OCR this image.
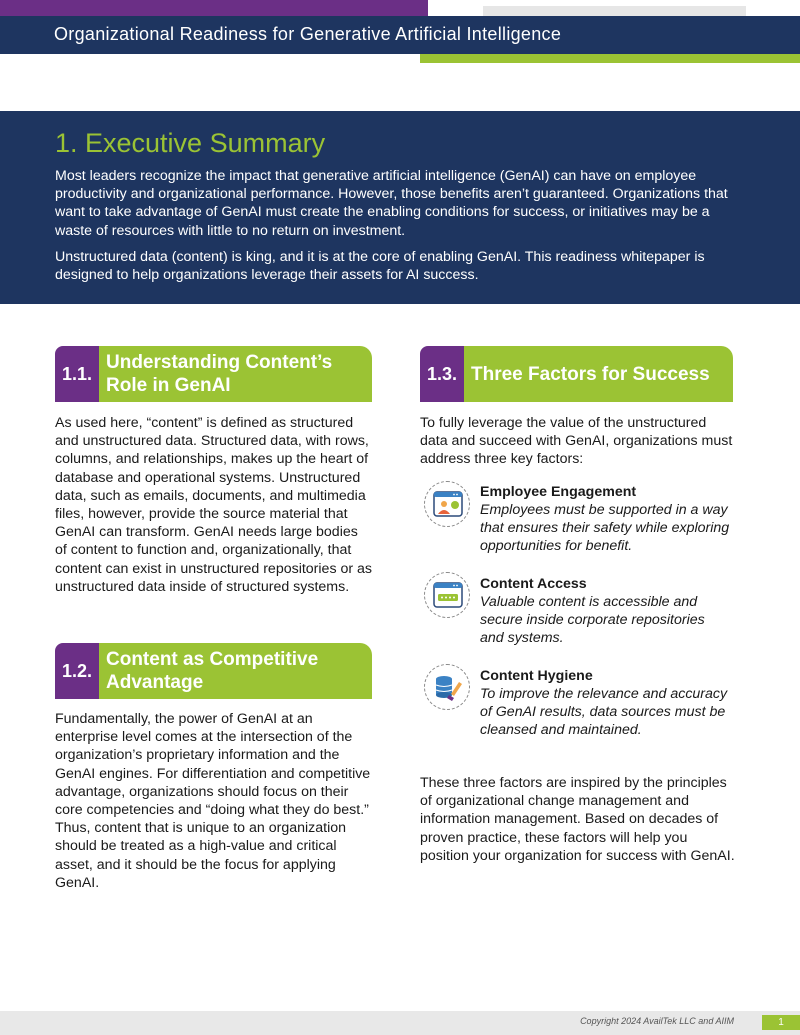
Organizational Readiness for Generative Artificial Intelligence
1. Executive Summary

Most leaders recognize the impact that generative artificial intelligence (GenAI) can have on employee productivity and organizational performance. However, those benefits aren’t guaranteed. Organizations that want to take advantage of GenAI must create the enabling conditions for success, or initiatives may be a waste of resources with little to no return on investment.

Unstructured data (content) is king, and it is at the core of enabling GenAI. This readiness whitepaper is designed to help organizations leverage their assets for AI success.

1.1.
Understanding Content’s Role in GenAI

As used here, “content” is defined as structured and unstructured data. Structured data, with rows, columns, and relationships, makes up the heart of database and operational systems. Unstructured data, such as emails, documents, and multimedia files, however, provide the source material that GenAI can transform. GenAI needs large bodies of content to function and, organizationally, that content can exist in unstructured repositories or as unstructured data inside of structured systems.

1.2.
Content as Competitive Advantage

Fundamentally, the power of GenAI at an enterprise level comes at the intersection of the organization’s proprietary information and the GenAI engines. For differentiation and competitive advantage, organizations should focus on their core competencies and “doing what they do best.” Thus, content that is unique to an organization should be treated as a high-value and critical asset, and it should be the focus for applying GenAI.

1.3. Three Factors for Success

To fully leverage the value of the unstructured data and succeed with GenAI, organizations must address three key factors:

Employee Engagement

Employees must be supported in a way that ensures their safety while exploring opportunities for benefit.

Content Access

Valuable content is accessible and secure inside corporate repositories and systems.

Content Hygiene

To improve the relevance and accuracy of GenAI results, data sources must be cleansed and maintained.

These three factors are inspired by the principles of organizational change management and information management. Based on decades of proven practice, these factors will help you position your organization for success with GenAI.

Copyright 2024 AvailTek LLC and AIIM	1
